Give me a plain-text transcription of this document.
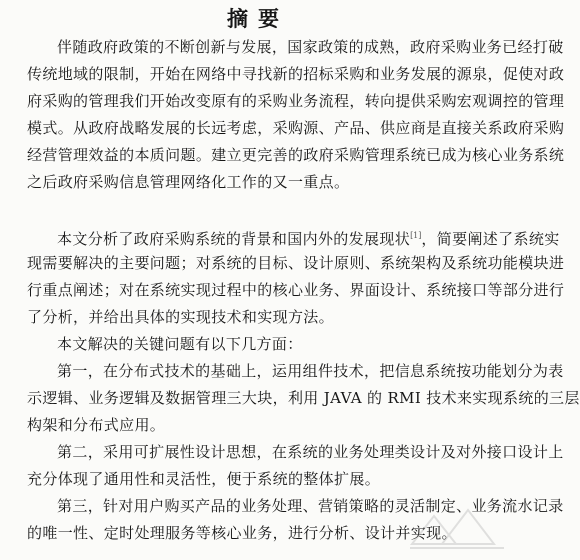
摘要
伴随政府政策的不断创新与发展，国家政策的成熟，政府采购业务已经打破
传统地域的限制，开始在网络中寻找新的招标采购和业务发展的源泉，促使对政
府采购的管理我们开始改变原有的采购业务流程，转向提供采购宏观调控的管理
模式。从政府战略发展的长远考虑，采购源、产品、供应商是直接关系政府采购
经营管理效益的本质问题。建立更完善的政府采购管理系统已成为核心业务系统
之后政府采购信息管理网络化工作的又一重点。
本文分析了政府采购系统的背景和国内外的发展现状[1]，简要阐述了系统实
现需要解决的主要问题；对系统的目标、设计原则、系统架构及系统功能模块进
行重点阐述；对在系统实现过程中的核心业务、界面设计、系统接口等部分进行
了分析，并给出具体的实现技术和实现方法。
本文解决的关键问题有以下几方面：
第一，在分布式技术的基础上，运用组件技术，把信息系统按功能划分为表
示逻辑、业务逻辑及数据管理三大块，利用 JAVA 的 RMI 技术来实现系统的三层
构架和分布式应用。
第二，采用可扩展性设计思想，在系统的业务处理类设计及对外接口设计上
充分体现了通用性和灵活性，便于系统的整体扩展。
第三，针对用户购买产品的业务处理、营销策略的灵活制定、业务流水记录
的唯一性、定时处理服务等核心业务，进行分析、设计并实现。
